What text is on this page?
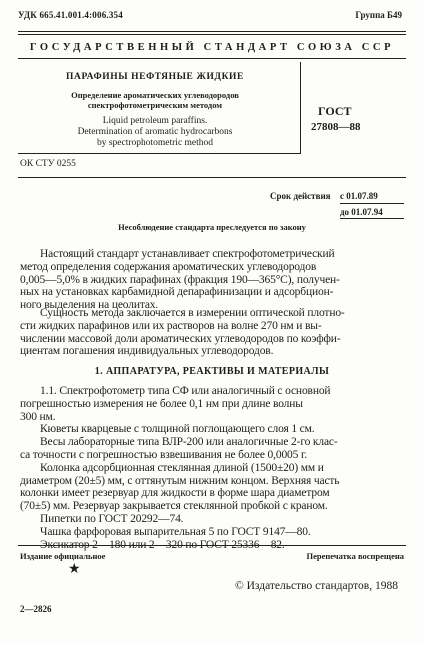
УДК 665.41.001.4:006.354	Группа Б49
ГОСУДАРСТВЕННЫЙ СТАНДАРТ СОЮЗА ССР
ПАРАФИНЫ НЕФТЯНЫЕ ЖИДКИЕ
Определение ароматических углеводородов
спектрофотометрическим методом
Liquid petroleum paraffins.
Determination of aromatic hydrocarbons
by spectrophotometric method
ГОСТ
27808—88
ОК СТУ 0255
Срок действия с 01.07.89
до 01.07.94
Несоблюдение стандарта преследуется по закону
Настоящий стандарт устанавливает спектрофотометрический
метод определения содержания ароматических углеводородов
0,005—5,0% в жидких парафинах (фракция 190—365°С), получен-
ных на установках карбамидной депарафинизации и адсорбцион-
ного выделения на цеолитах.
Сущность метода заключается в измерении оптической плотно-
сти жидких парафинов или их растворов на волне 270 нм и вы-
числении массовой доли ароматических углеводородов по коэффи-
циентам погашения индивидуальных углеводородов.
1. АППАРАТУРА, РЕАКТИВЫ И МАТЕРИАЛЫ
1.1. Спектрофотометр типа СФ или аналогичный с основной
погрешностью измерения не более 0,1 нм при длине волны
300 нм.
Кюветы кварцевые с толщиной поглощающего слоя 1 см.
Весы лабораторные типа ВЛР-200 или аналогичные 2-го клас-
са точности с погрешностью взвешивания не более 0,0005 г.
Колонка адсорбционная стеклянная длиной (1500±20) мм и
диаметром (20±5) мм, с оттянутым нижним концом. Верхняя часть
колонки имеет резервуар для жидкости в форме шара диаметром
(70±5) мм. Резервуар закрывается стеклянной пробкой с краном.
Пипетки по ГОСТ 20292—74.
Чашка фарфоровая выпарительная 5 по ГОСТ 9147—80.
Эксикатор 2—180 или 2—320 по ГОСТ 25336—82.
Издание официальное	Перепечатка воспрещена
★
© Издательство стандартов, 1988
2—2826
